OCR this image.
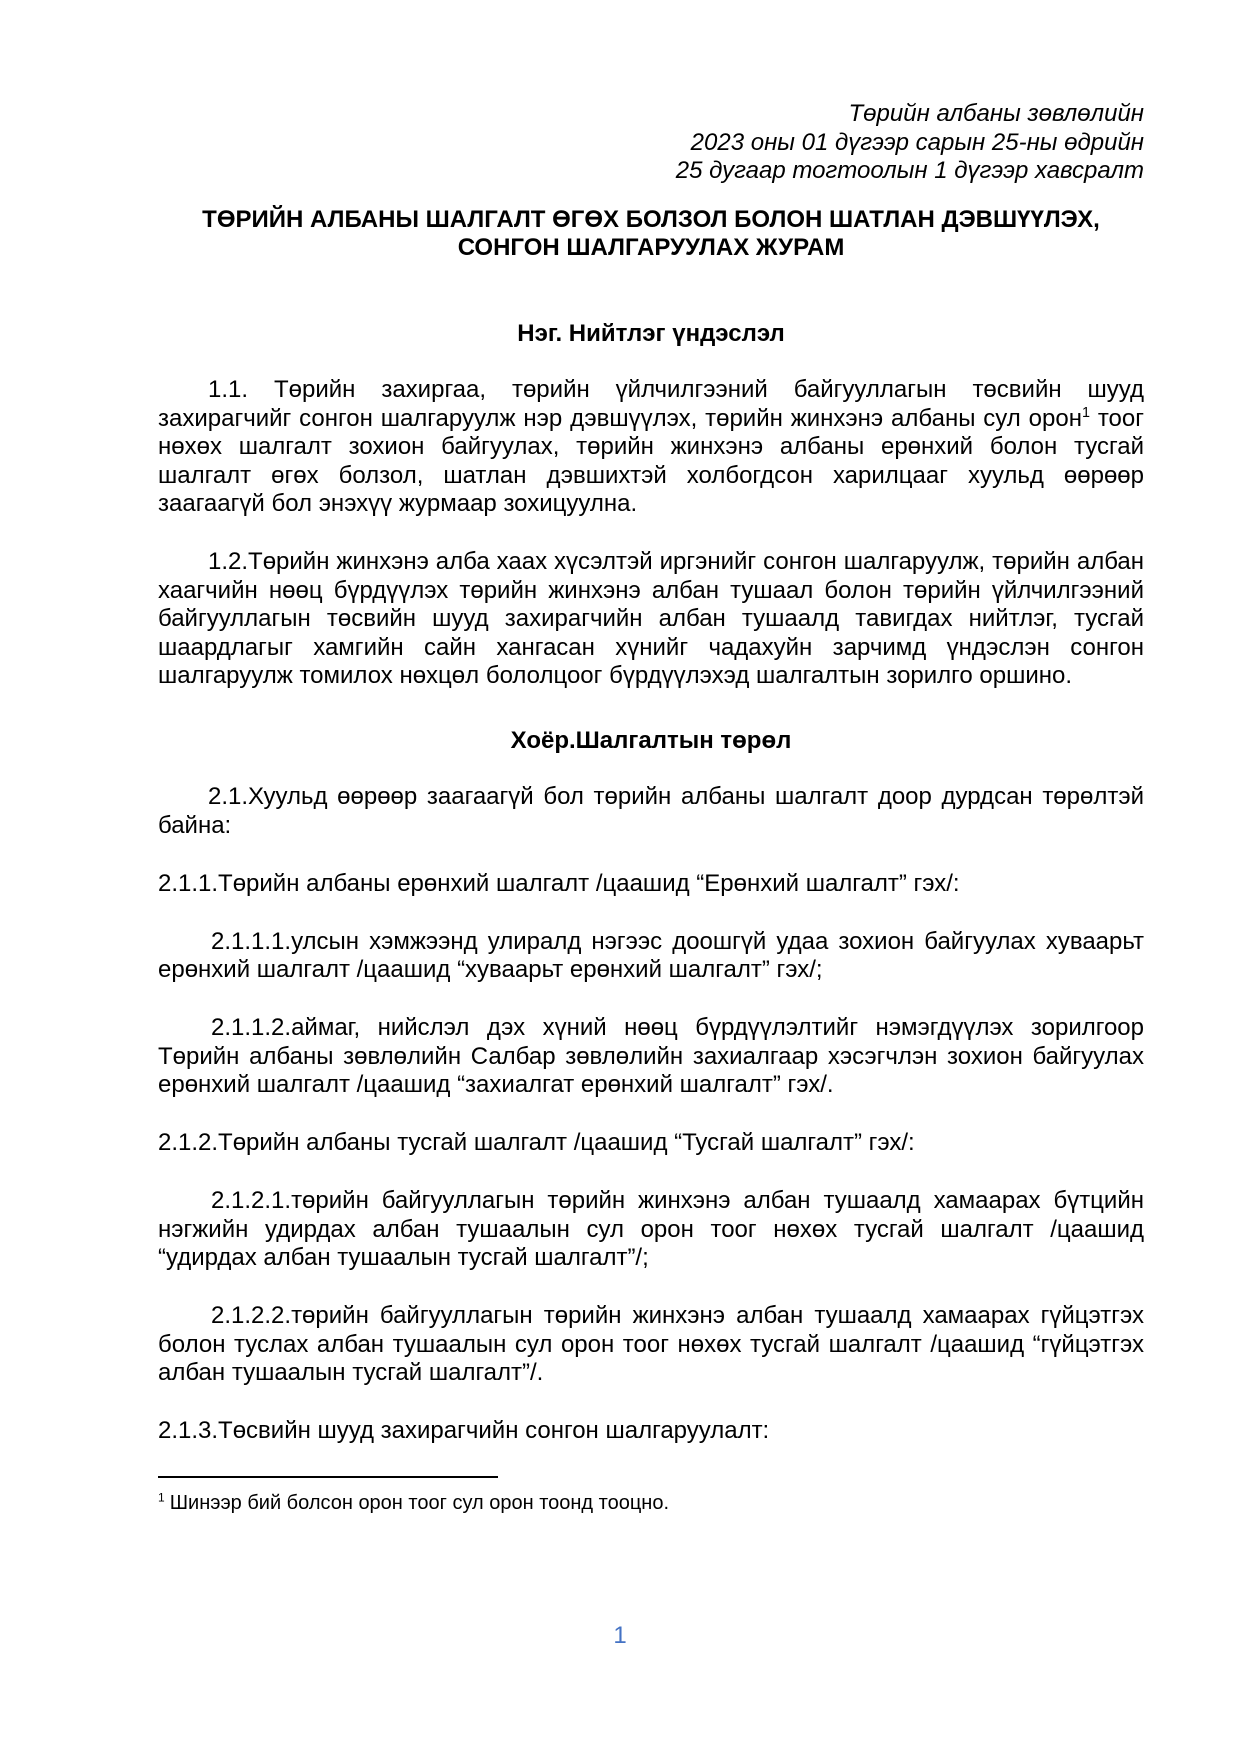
Төрийн албаны зөвлөлийн
2023 оны 01 дүгээр сарын 25-ны өдрийн
25 дугаар тогтоолын 1 дүгээр хавсралт
ТӨРИЙН АЛБАНЫ ШАЛГАЛТ ӨГӨХ БОЛЗОЛ БОЛОН ШАТЛАН ДЭВШҮҮЛЭХ,
СОНГОН ШАЛГАРУУЛАХ ЖУРАМ
Нэг. Нийтлэг үндэслэл

1.1. Төрийн захиргаа, төрийн үйлчилгээний байгууллагын төсвийн шууд захирагчийг сонгон шалгаруулж нэр дэвшүүлэх, төрийн жинхэнэ албаны сул орон$^1$ тоог нөхөх шалгалт зохион байгуулах, төрийн жинхэнэ албаны ерөнхий болон тусгай шалгалт өгөх болзол, шатлан дэвшихтэй холбогдсон харилцааг хуульд өөрөөр заагаагүй бол энэхүү журмаар зохицуулна.

1.2.Төрийн жинхэнэ алба хаах хүсэлтэй иргэнийг сонгон шалгаруулж, төрийн албан хаагчийн нөөц бүрдүүлэх төрийн жинхэнэ албан тушаал болон төрийн үйлчилгээний байгууллагын төсвийн шууд захирагчийн албан тушаалд тавигдах нийтлэг, тусгай шаардлагыг хамгийн сайн хангасан хүнийг чадахуйн зарчимд үндэслэн сонгон шалгаруулж томилох нөхцөл бололцоог бүрдүүлэхэд шалгалтын зорилго оршино.

Хоёр.Шалгалтын төрөл

2.1.Хуульд өөрөөр заагаагүй бол төрийн албаны шалгалт доор дурдсан төрөлтэй байна:

2.1.1.Төрийн албаны ерөнхий шалгалт /цаашид “Ерөнхий шалгалт” гэх/:

2.1.1.1.улсын хэмжээнд улиралд нэгээс доошгүй удаа зохион байгуулах хуваарьт ерөнхий шалгалт /цаашид “хуваарьт ерөнхий шалгалт” гэх/;

2.1.1.2.аймаг, нийслэл дэх хүний нөөц бүрдүүлэлтийг нэмэгдүүлэх зорилгоор Төрийн албаны зөвлөлийн Салбар зөвлөлийн захиалгаар хэсэгчлэн зохион байгуулах ерөнхий шалгалт /цаашид “захиалгат ерөнхий шалгалт” гэх/.

2.1.2.Төрийн албаны тусгай шалгалт /цаашид “Тусгай шалгалт” гэх/:

2.1.2.1.төрийн байгууллагын төрийн жинхэнэ албан тушаалд хамаарах бүтцийн нэгжийн удирдах албан тушаалын сул орон тоог нөхөх тусгай шалгалт /цаашид “удирдах албан тушаалын тусгай шалгалт”/;

2.1.2.2.төрийн байгууллагын төрийн жинхэнэ албан тушаалд хамаарах гүйцэтгэх болон туслах албан тушаалын сул орон тоог нөхөх тусгай шалгалт /цаашид “гүйцэтгэх албан тушаалын тусгай шалгалт”/.

2.1.3.Төсвийн шууд захирагчийн сонгон шалгаруулалт:

$^1$ Шинээр бий болсон орон тоог сул орон тоонд тооцно.
1
